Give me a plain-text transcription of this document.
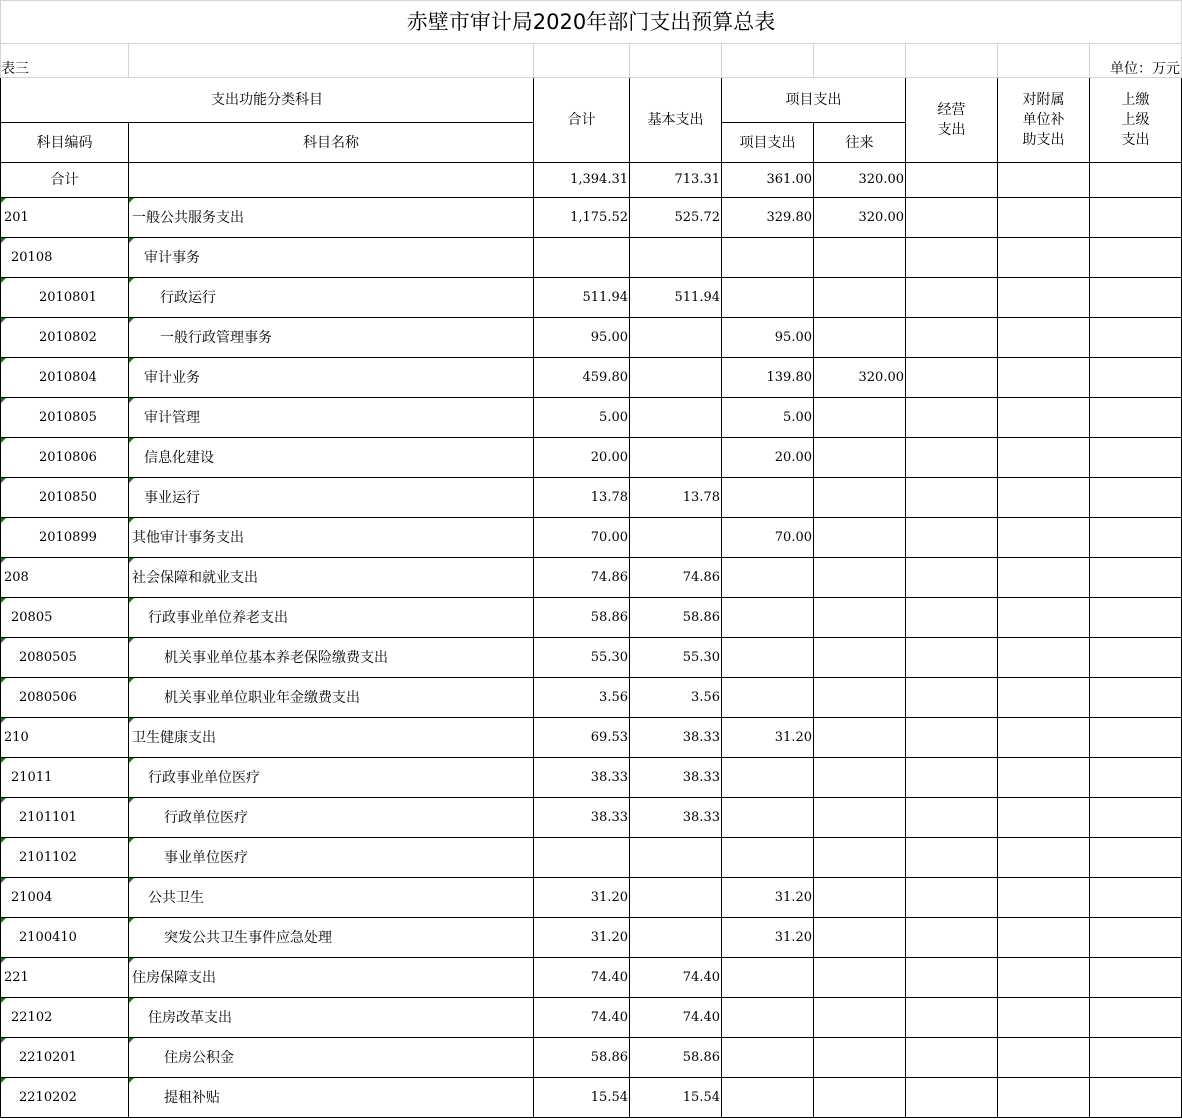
赤壁市审计局2020年部门支出预算总表								
表三								单位：万元
支出功能分类科目		合计	基本支出	项目支出		经营支出	对附属单位补助支出	上缴上级支出
科目编码	科目名称			项目支出	往来			
合计		1,394.31	713.31	361.00	320.00			
201	一般公共服务支出	1,175.52	525.72	329.80	320.00			
20108	审计事务							
2010801	行政运行	511.94	511.94					
2010802	一般行政管理事务	95.00		95.00				
2010804	审计业务	459.80		139.80	320.00			
2010805	审计管理	5.00		5.00				
2010806	信息化建设	20.00		20.00				
2010850	事业运行	13.78	13.78					
2010899	其他审计事务支出	70.00		70.00				
208	社会保障和就业支出	74.86	74.86					
20805	行政事业单位养老支出	58.86	58.86					
2080505	机关事业单位基本养老保险缴费支出	55.30	55.30					
2080506	机关事业单位职业年金缴费支出	3.56	3.56					
210	卫生健康支出	69.53	38.33	31.20				
21011	行政事业单位医疗	38.33	38.33					
2101101	行政单位医疗	38.33	38.33					
2101102	事业单位医疗							
21004	公共卫生	31.20		31.20				
2100410	突发公共卫生事件应急处理	31.20		31.20				
221	住房保障支出	74.40	74.40					
22102	住房改革支出	74.40	74.40					
2210201	住房公积金	58.86	58.86					
2210202	提租补贴	15.54	15.54					
